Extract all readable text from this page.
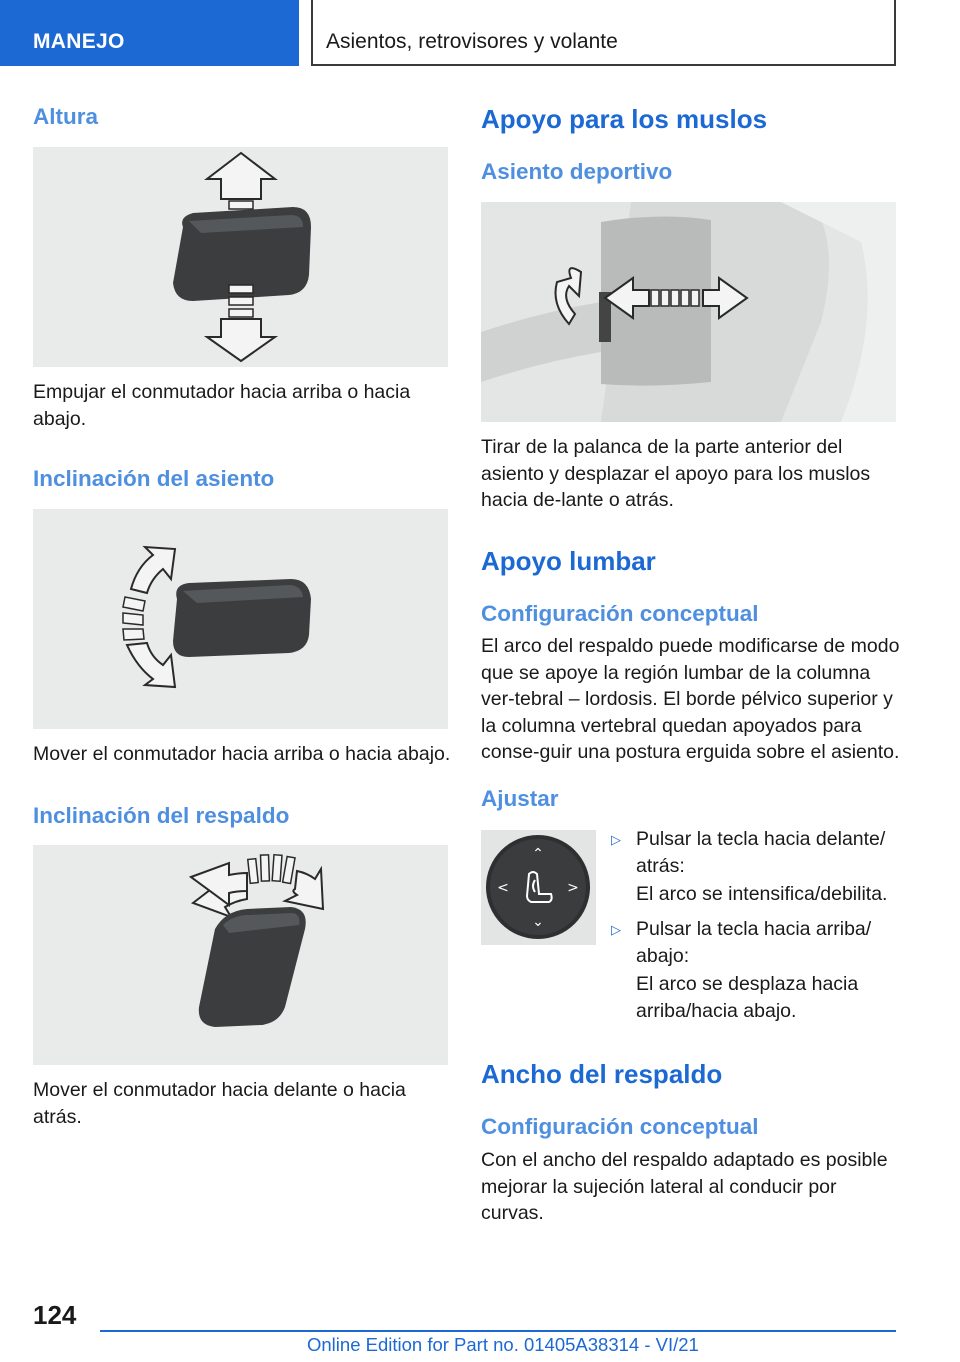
MANEJO	Asientos, retrovisores y volante
Altura
Empujar el conmutador hacia arriba o hacia abajo.
Inclinación del asiento
Mover el conmutador hacia arriba o hacia abajo.
Inclinación del respaldo
Mover el conmutador hacia delante o hacia atrás.
Apoyo para los muslos
Asiento deportivo
Tirar de la palanca de la parte anterior del asiento y desplazar el apoyo para los muslos hacia de-lante o atrás.
Apoyo lumbar
Configuración conceptual
El arco del respaldo puede modificarse de modo que se apoye la región lumbar de la columna ver-tebral – lordosis. El borde pélvico superior y la columna vertebral quedan apoyados para conse-guir una postura erguida sobre el asiento.
Ajustar
⌃
⌄
<	>
▷ Pulsar la tecla hacia delante/ atrás:
El arco se intensifica/debilita.
▷ Pulsar la tecla hacia arriba/ abajo:
El arco se desplaza hacia arriba/hacia abajo.
Ancho del respaldo
Configuración conceptual
Con el ancho del respaldo adaptado es posible mejorar la sujeción lateral al conducir por curvas.
124
Online Edition for Part no. 01405A38314 - VI/21
